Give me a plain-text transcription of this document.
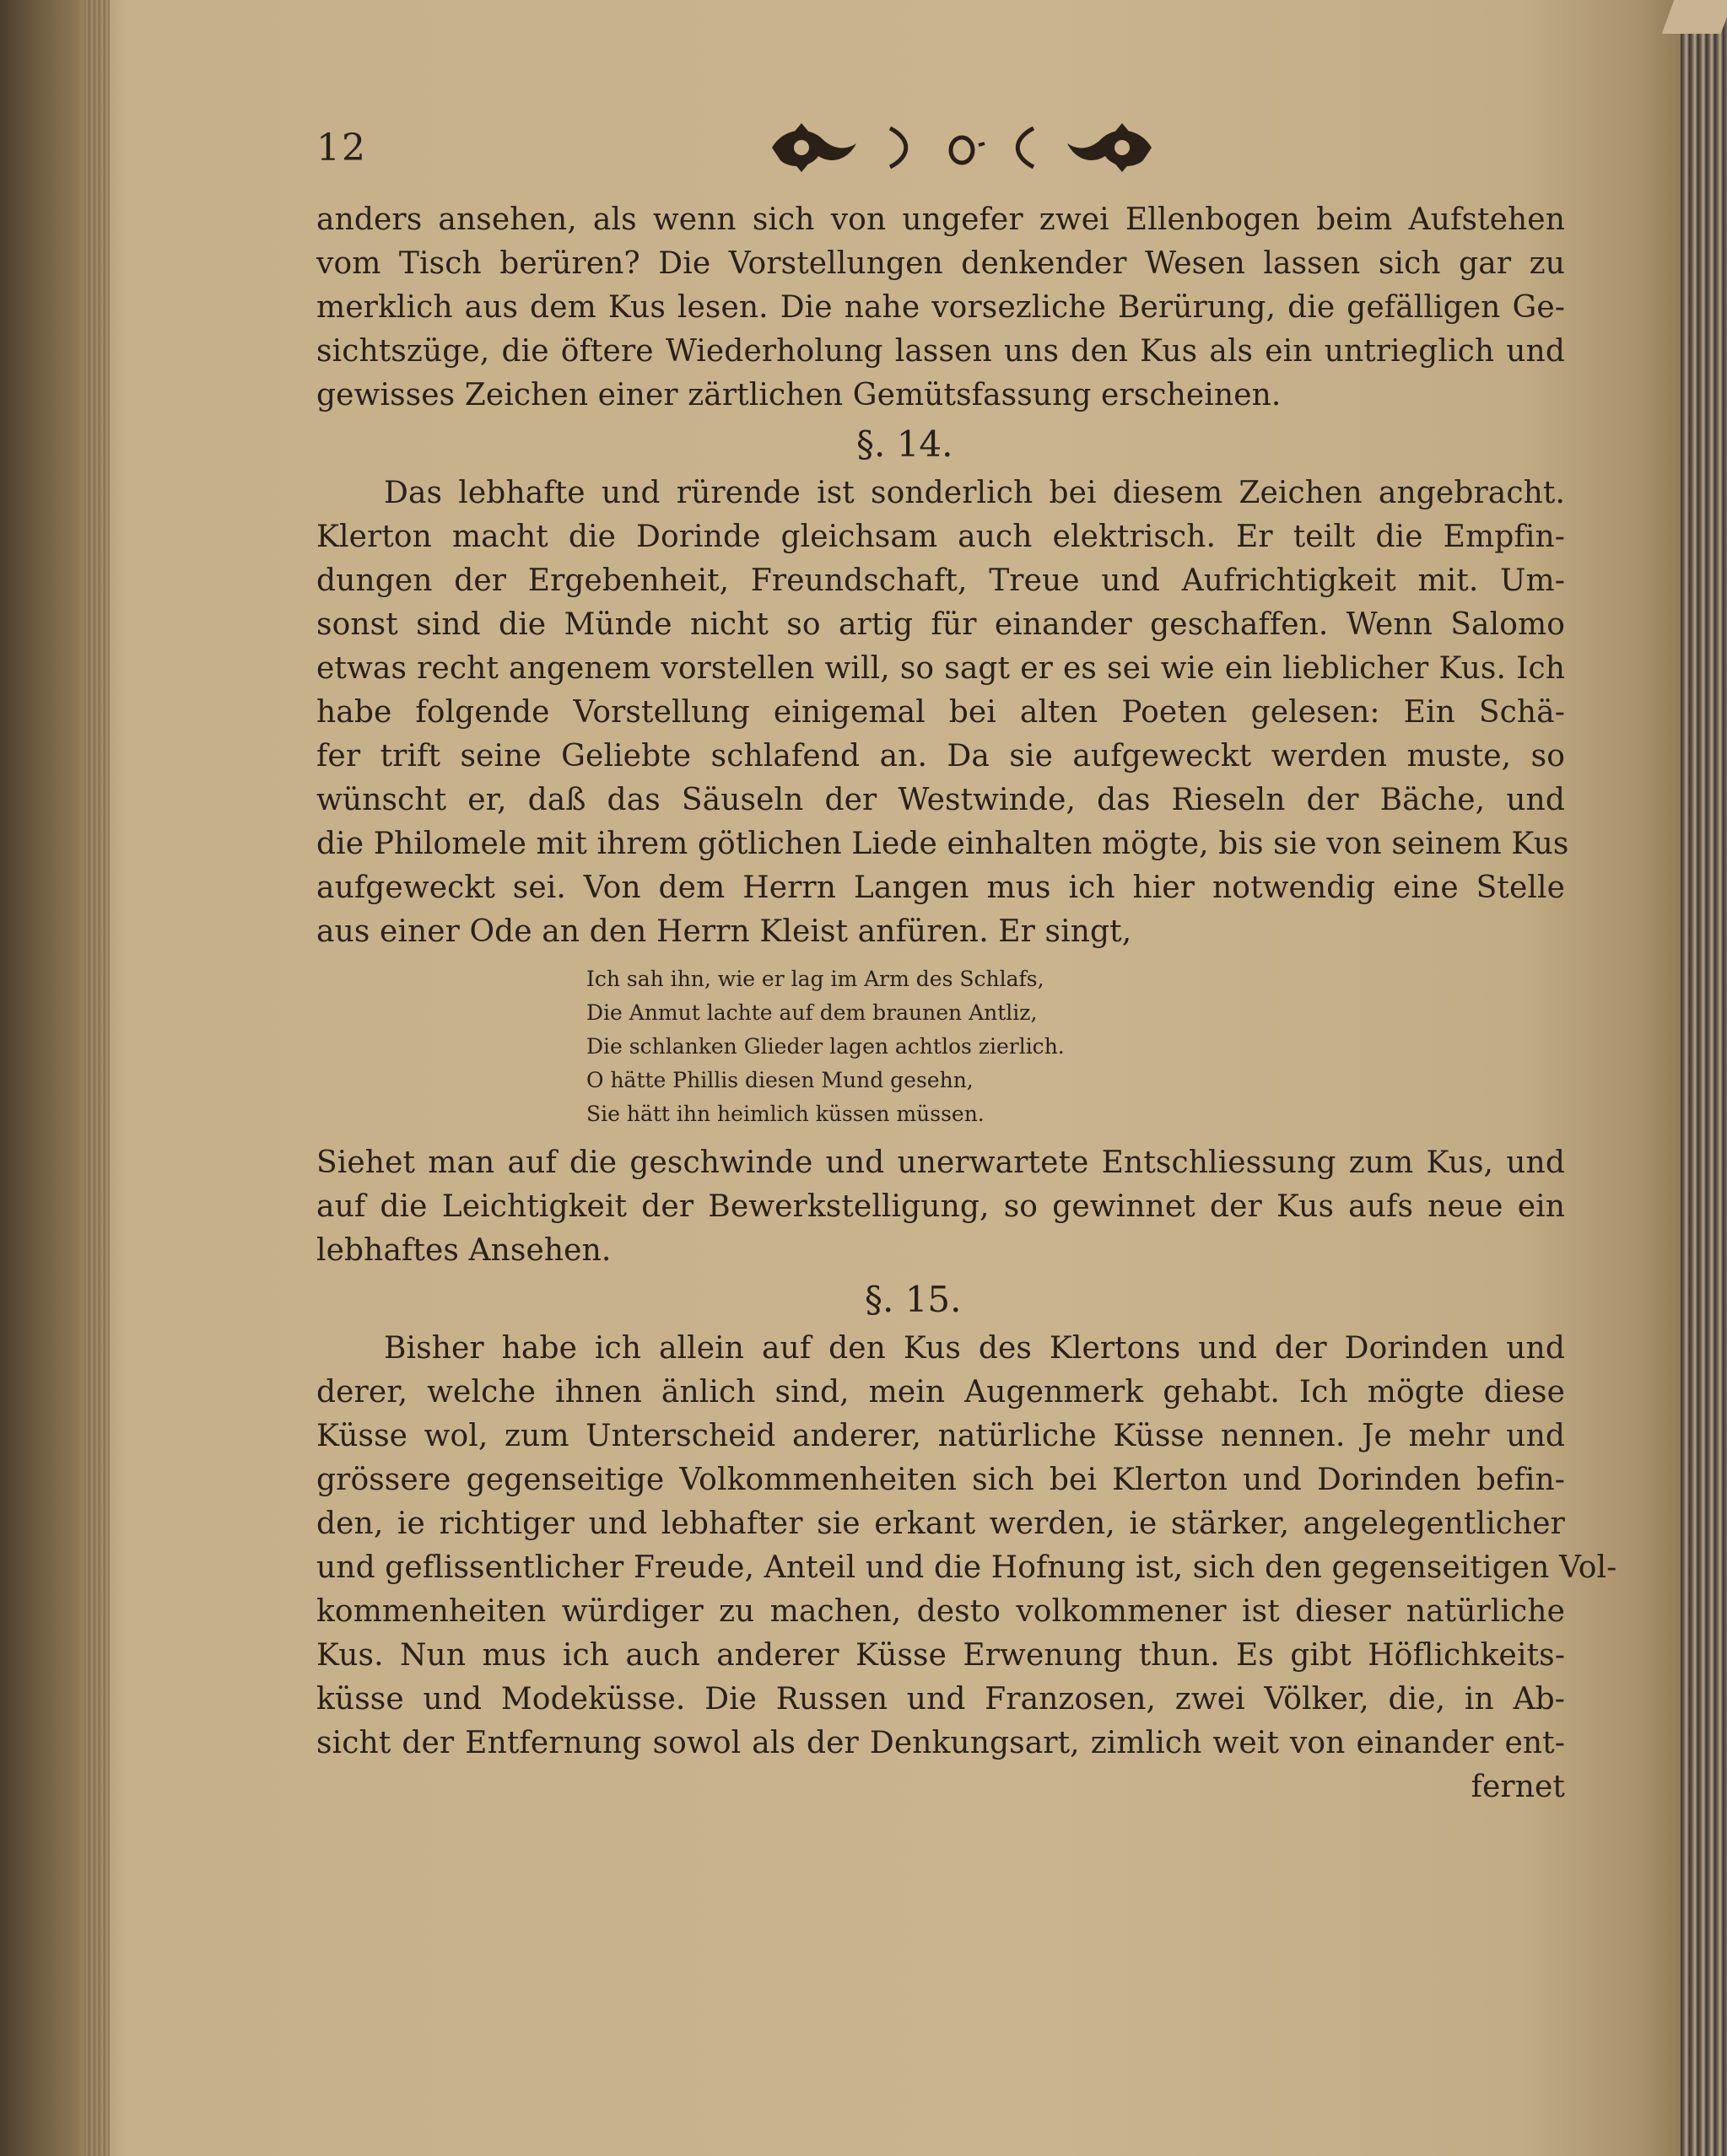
12
anders ansehen, als wenn sich von ungefer zwei Ellenbogen beim Aufstehen
vom Tisch berüren? Die Vorstellungen denkender Wesen lassen sich gar zu
merklich aus dem Kus lesen. Die nahe vorsezliche Berürung, die gefälligen Ge-
sichtszüge, die öftere Wiederholung lassen uns den Kus als ein untrieglich und
gewisses Zeichen einer zärtlichen Gemütsfassung erscheinen.
§. 14.
Das lebhafte und rürende ist sonderlich bei diesem Zeichen angebracht.
Klerton macht die Dorinde gleichsam auch elektrisch. Er teilt die Empfin-
dungen der Ergebenheit, Freundschaft, Treue und Aufrichtigkeit mit. Um-
sonst sind die Münde nicht so artig für einander geschaffen. Wenn Salomo
etwas recht angenem vorstellen will, so sagt er es sei wie ein lieblicher Kus. Ich
habe folgende Vorstellung einigemal bei alten Poeten gelesen: Ein Schä-
fer trift seine Geliebte schlafend an. Da sie aufgeweckt werden muste, so
wünscht er, daß das Säuseln der Westwinde, das Rieseln der Bäche, und
die Philomele mit ihrem götlichen Liede einhalten mögte, bis sie von seinem Kus
aufgeweckt sei. Von dem Herrn Langen mus ich hier notwendig eine Stelle
aus einer Ode an den Herrn Kleist anfüren. Er singt,
Ich sah ihn, wie er lag im Arm des Schlafs,
Die Anmut lachte auf dem braunen Antliz,
Die schlanken Glieder lagen achtlos zierlich.
O hätte Phillis diesen Mund gesehn,
Sie hätt ihn heimlich küssen müssen.
Siehet man auf die geschwinde und unerwartete Entschliessung zum Kus, und
auf die Leichtigkeit der Bewerkstelligung, so gewinnet der Kus aufs neue ein
lebhaftes Ansehen.
§. 15.
Bisher habe ich allein auf den Kus des Klertons und der Dorinden und
derer, welche ihnen änlich sind, mein Augenmerk gehabt. Ich mögte diese
Küsse wol, zum Unterscheid anderer, natürliche Küsse nennen. Je mehr und
grössere gegenseitige Volkommenheiten sich bei Klerton und Dorinden befin-
den, ie richtiger und lebhafter sie erkant werden, ie stärker, angelegentlicher
und geflissentlicher Freude, Anteil und die Hofnung ist, sich den gegenseitigen Vol-
kommenheiten würdiger zu machen, desto volkommener ist dieser natürliche
Kus. Nun mus ich auch anderer Küsse Erwenung thun. Es gibt Höflichkeits-
küsse und Modeküsse. Die Russen und Franzosen, zwei Völker, die, in Ab-
sicht der Entfernung sowol als der Denkungsart, zimlich weit von einander ent-
fernet
